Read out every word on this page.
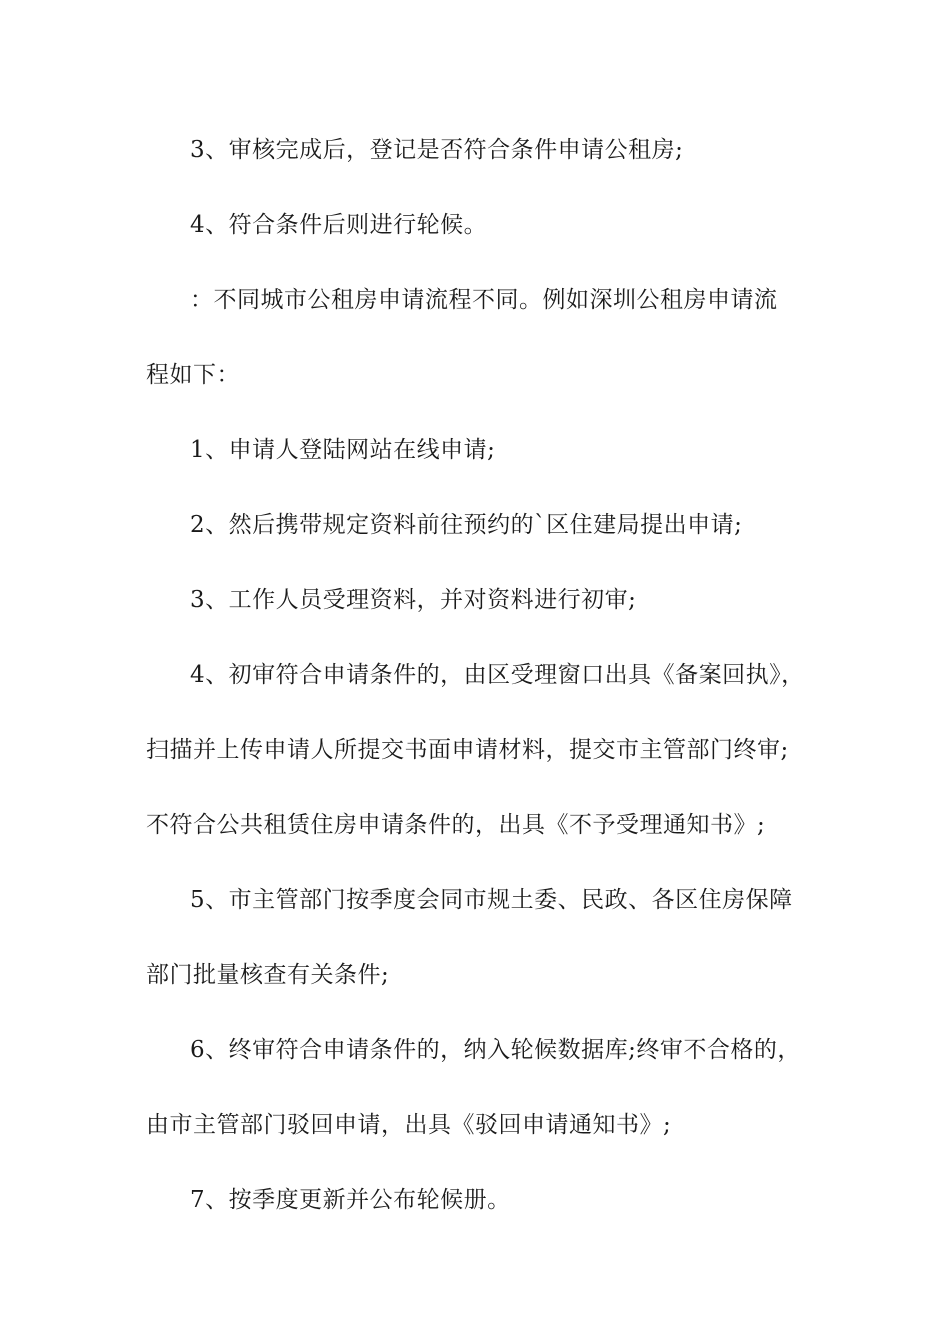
3、审核完成后，登记是否符合条件申请公租房;
4、符合条件后则进行轮候。
：不同城市公租房申请流程不同。例如深圳公租房申请流
程如下：
1、申请人登陆网站在线申请;
2、然后携带规定资料前往预约的`区住建局提出申请;
3、工作人员受理资料，并对资料进行初审;
4、初审符合申请条件的，由区受理窗口出具《备案回执》，
扫描并上传申请人所提交书面申请材料，提交市主管部门终审;
不符合公共租赁住房申请条件的，出具《不予受理通知书》;
5、市主管部门按季度会同市规土委、民政、各区住房保障
部门批量核查有关条件;
6、终审符合申请条件的，纳入轮候数据库;终审不合格的，
由市主管部门驳回申请，出具《驳回申请通知书》;
7、按季度更新并公布轮候册。
